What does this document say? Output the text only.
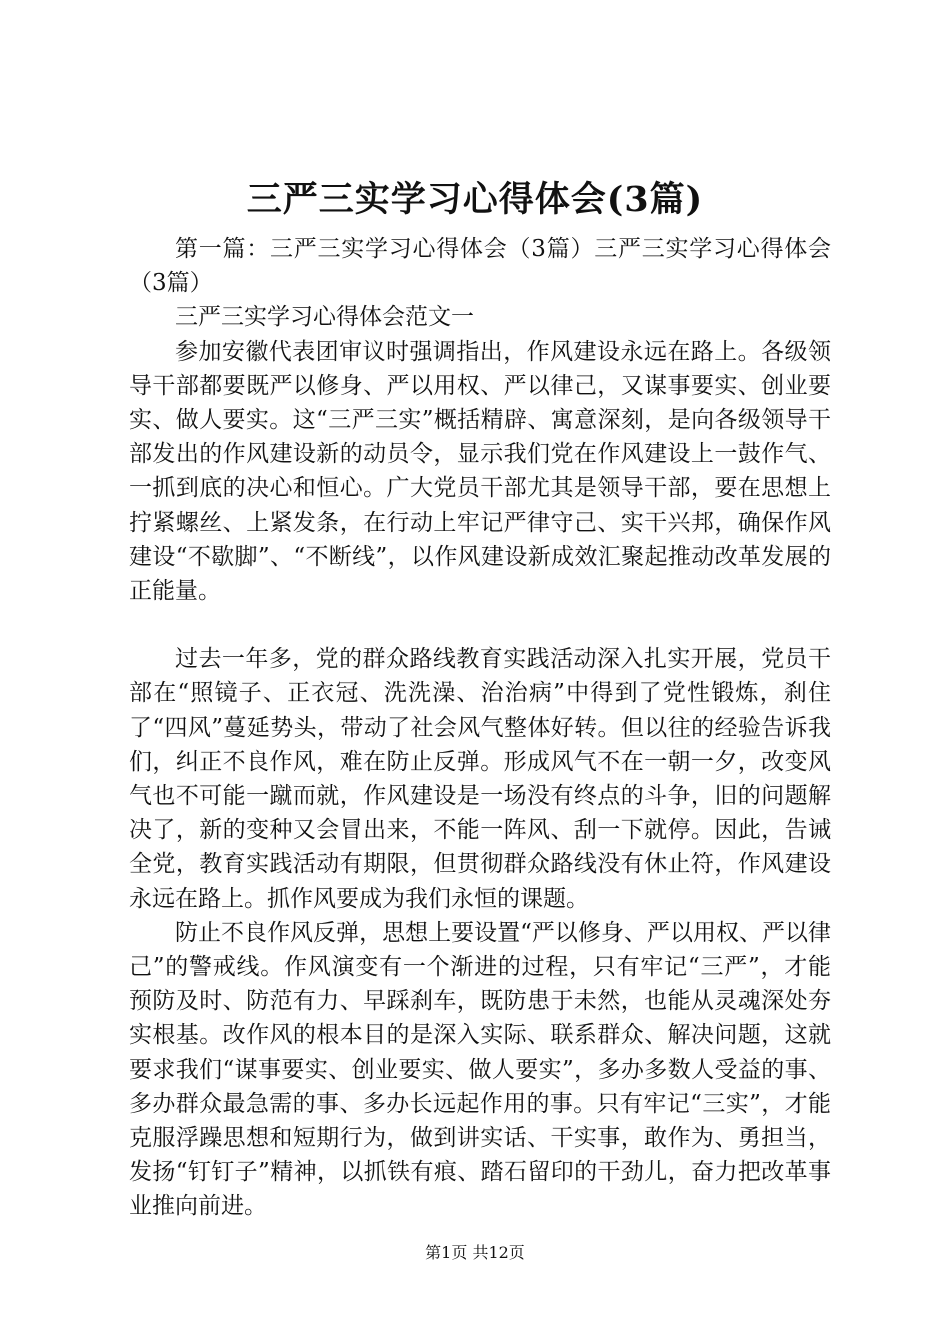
三严三实学习心得体会(3篇)

第一篇：三严三实学习心得体会（3篇）三严三实学习心得体会（3篇）

三严三实学习心得体会范文一

参加安徽代表团审议时强调指出，作风建设永远在路上。各级领导干部都要既严以修身、严以用权、严以律己，又谋事要实、创业要实、做人要实。这“三严三实”概括精辟、寓意深刻，是向各级领导干部发出的作风建设新的动员令，显示我们党在作风建设上一鼓作气、一抓到底的决心和恒心。广大党员干部尤其是领导干部，要在思想上拧紧螺丝、上紧发条，在行动上牢记严律守己、实干兴邦，确保作风建设“不歇脚”、“不断线”，以作风建设新成效汇聚起推动改革发展的正能量。

过去一年多，党的群众路线教育实践活动深入扎实开展，党员干部在“照镜子、正衣冠、洗洗澡、治治病”中得到了党性锻炼，刹住了“四风”蔓延势头，带动了社会风气整体好转。但以往的经验告诉我们，纠正不良作风，难在防止反弹。形成风气不在一朝一夕，改变风气也不可能一蹴而就，作风建设是一场没有终点的斗争，旧的问题解决了，新的变种又会冒出来，不能一阵风、刮一下就停。因此，告诫全党，教育实践活动有期限，但贯彻群众路线没有休止符，作风建设永远在路上。抓作风要成为我们永恒的课题。

防止不良作风反弹，思想上要设置“严以修身、严以用权、严以律己”的警戒线。作风演变有一个渐进的过程，只有牢记“三严”，才能预防及时、防范有力、早踩刹车，既防患于未然，也能从灵魂深处夯实根基。改作风的根本目的是深入实际、联系群众、解决问题，这就要求我们“谋事要实、创业要实、做人要实”，多办多数人受益的事、多办群众最急需的事、多办长远起作用的事。只有牢记“三实”，才能克服浮躁思想和短期行为，做到讲实话、干实事，敢作为、勇担当，发扬“钉钉子”精神，以抓铁有痕、踏石留印的干劲儿，奋力把改革事业推向前进。

第1页 共12页
